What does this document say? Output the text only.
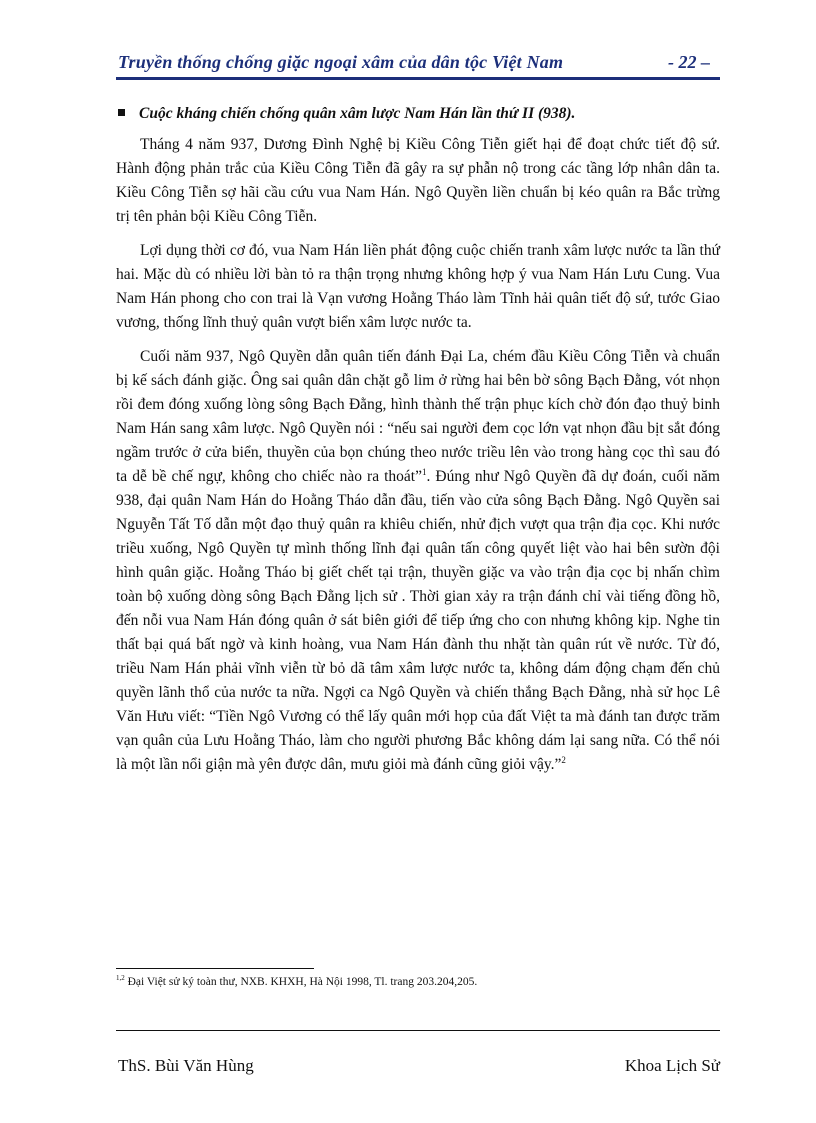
Truyền thống chống giặc ngoại xâm của dân tộc Việt Nam	- 22 –
Cuộc kháng chiến chống quân xâm lược Nam Hán lần thứ II (938).

Tháng 4 năm 937, Dương Đình Nghệ bị Kiều Công Tiễn giết hại để đoạt chức tiết độ sứ. Hành động phản trắc của Kiều Công Tiễn đã gây ra sự phẫn nộ trong các tầng lớp nhân dân ta. Kiều Công Tiễn sợ hãi cầu cứu vua Nam Hán. Ngô Quyền liền chuẩn bị kéo quân ra Bắc trừng trị tên phản bội Kiều Công Tiễn.

Lợi dụng thời cơ đó, vua Nam Hán liền phát động cuộc chiến tranh xâm lược nước ta lần thứ hai. Mặc dù có nhiều lời bàn tỏ ra thận trọng nhưng không hợp ý vua Nam Hán Lưu Cung. Vua Nam Hán phong cho con trai là Vạn vương Hoằng Tháo làm Tĩnh hải quân tiết độ sứ, tước Giao vương, thống lĩnh thuỷ quân vượt biển xâm lược nước ta.

Cuối năm 937, Ngô Quyền dẫn quân tiến đánh Đại La, chém đầu Kiều Công Tiễn và chuẩn bị kế sách đánh giặc. Ông sai quân dân chặt gỗ lim ở rừng hai bên bờ sông Bạch Đằng, vót nhọn rồi đem đóng xuống lòng sông Bạch Đằng, hình thành thế trận phục kích chờ đón đạo thuỷ binh Nam Hán sang xâm lược. Ngô Quyền nói : “nếu sai người đem cọc lớn vạt nhọn đầu bịt sắt đóng ngầm trước ở cửa biển, thuyền của bọn chúng theo nước triều lên vào trong hàng cọc thì sau đó ta dễ bề chế ngự, không cho chiếc nào ra thoát”$^1$. Đúng như Ngô Quyền đã dự đoán, cuối năm 938, đại quân Nam Hán do Hoằng Tháo dẫn đầu, tiến vào cửa sông Bạch Đằng. Ngô Quyền sai Nguyễn Tất Tố dẫn một đạo thuỷ quân ra khiêu chiến, nhử địch vượt qua trận địa cọc. Khi nước triều xuống, Ngô Quyền tự mình thống lĩnh đại quân tấn công quyết liệt vào hai bên sườn đội hình quân giặc. Hoằng Tháo bị giết chết tại trận, thuyền giặc va vào trận địa cọc bị nhấn chìm toàn bộ xuống dòng sông Bạch Đằng lịch sử . Thời gian xảy ra trận đánh chỉ vài tiếng đồng hồ, đến nỗi vua Nam Hán đóng quân ở sát biên giới để tiếp ứng cho con nhưng không kịp. Nghe tin thất bại quá bất ngờ và kinh hoàng, vua Nam Hán đành thu nhặt tàn quân rút về nước. Từ đó, triều Nam Hán phải vĩnh viễn từ bỏ dã tâm xâm lược nước ta, không dám động chạm đến chủ quyền lãnh thổ của nước ta nữa. Ngợi ca Ngô Quyền và chiến thắng Bạch Đằng, nhà sử học Lê Văn Hưu viết: “Tiền Ngô Vương có thể lấy quân mới họp của đất Việt ta mà đánh tan được trăm vạn quân của Lưu Hoằng Tháo, làm cho người phương Bắc không dám lại sang nữa. Có thể nói là một lần nổi giận mà yên được dân, mưu giỏi mà đánh cũng giỏi vậy.”$^2$

$^{1,2}$ Đại Việt sử ký toàn thư, NXB. KHXH, Hà Nội 1998, Tl. trang 203.204,205.
ThS. Bùi Văn Hùng	Khoa Lịch Sử
